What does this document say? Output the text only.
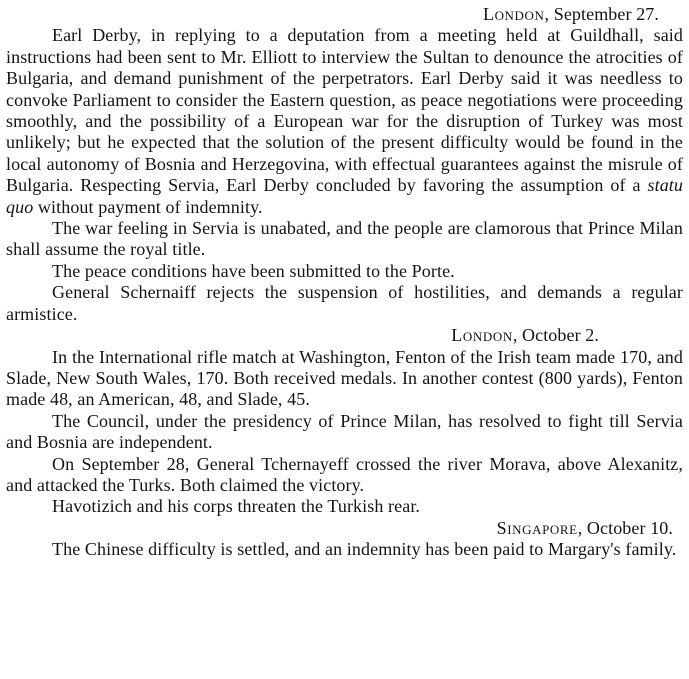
London, September 27.

Earl Derby, in replying to a deputation from a meeting held at Guildhall, said instructions had been sent to Mr. Elliott to interview the Sultan to denounce the atrocities of Bulgaria, and demand punishment of the perpetrators. Earl Derby said it was needless to convoke Parliament to consider the Eastern question, as peace negotiations were proceeding smoothly, and the possibility of a European war for the disruption of Turkey was most unlikely; but he expected that the solution of the present difficulty would be found in the local autonomy of Bosnia and Herzegovina, with effectual guarantees against the misrule of Bulgaria. Respecting Servia, Earl Derby concluded by favoring the assumption of a statu quo without payment of indemnity.

The war feeling in Servia is unabated, and the people are clamorous that Prince Milan shall assume the royal title.

The peace conditions have been submitted to the Porte.

General Schernaiff rejects the suspension of hostilities, and demands a regular armistice.

London, October 2.

In the International rifle match at Washington, Fenton of the Irish team made 170, and Slade, New South Wales, 170. Both received medals. In another contest (800 yards), Fenton made 48, an American, 48, and Slade, 45.

The Council, under the presidency of Prince Milan, has resolved to fight till Servia and Bosnia are independent.

On September 28, General Tchernayeff crossed the river Morava, above Alexanitz, and attacked the Turks. Both claimed the victory.

Havotizich and his corps threaten the Turkish rear.

Singapore, October 10.

The Chinese difficulty is settled, and an indemnity has been paid to Margary's family.
